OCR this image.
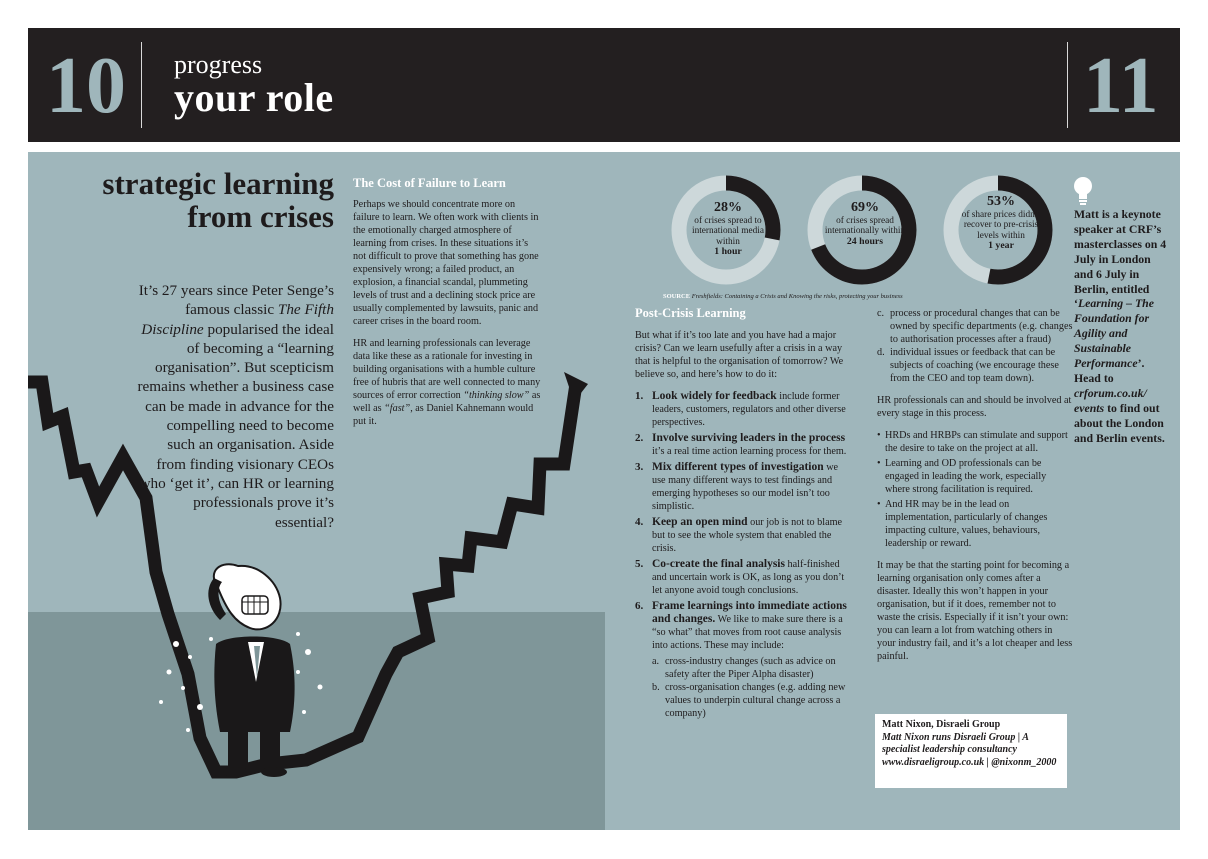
10 progress
your role	11
strategic learning from crises
It’s 27 years since Peter Senge’s famous classic The Fifth Discipline popularised the ideal of becoming a “learning organisation”. But scepticism remains whether a business case can be made in advance for the compelling need to become such an organisation. Aside from finding visionary CEOs who ‘get it’, can HR or learning professionals prove it’s essential?
The Cost of Failure to Learn

Perhaps we should concentrate more on failure to learn. We often work with clients in the emotionally charged atmosphere of learning from crises. In these situations it’s not difficult to prove that something has gone expensively wrong; a failed product, an explosion, a financial scandal, plummeting levels of trust and a declining stock price are usually complemented by lawsuits, panic and career crises in the board room.

HR and learning professionals can leverage data like these as a rationale for investing in building organisations with a humble culture free of hubris that are well connected to many sources of error correction “thinking slow” as well as “fast”, as Daniel Kahnemann would put it.

28%
of crises spread to international media within
1 hour
69%
of crises spread internationally within
24 hours
53%
of share prices didn’t recover to pre-crisis levels within
1 year
SOURCE Freshfields: Containing a Crisis and Knowing the risks, protecting your business
Post-Crisis Learning

But what if it’s too late and you have had a major crisis? Can we learn usefully after a crisis in a way that is helpful to the organisation of tomorrow? We believe so, and here’s how to do it:

1. Look widely for feedback include former leaders, customers, regulators and other diverse perspectives.
2. Involve surviving leaders in the process it’s a real time action learning process for them.
3. Mix different types of investigation we use many different ways to test findings and emerging hypotheses so our model isn’t too simplistic.
4. Keep an open mind our job is not to blame but to see the whole system that enabled the crisis.
5. Co-create the final analysis half-finished and uncertain work is OK, as long as you don’t let anyone avoid tough conclusions.
6. Frame learnings into immediate actions and changes. We like to make sure there is a “so what” that moves from root cause analysis into actions. These may include:
a. cross-industry changes (such as advice on safety after the Piper Alpha disaster)
b. cross-organisation changes (e.g. adding new values to underpin cultural change across a company)
c. process or procedural changes that can be owned by specific departments (e.g. changes to authorisation processes after a fraud)
d. individual issues or feedback that can be subjects of coaching (we encourage these from the CEO and top team down).

HR professionals can and should be involved at every stage in this process.

• HRDs and HRBPs can stimulate and support the desire to take on the project at all.
• Learning and OD professionals can be engaged in leading the work, especially where strong facilitation is required.
• And HR may be in the lead on implementation, particularly of changes impacting culture, values, behaviours, leadership or reward.

It may be that the starting point for becoming a learning organisation only comes after a disaster. Ideally this won’t happen in your organisation, but if it does, remember not to waste the crisis. Especially if it isn’t your own: you can learn a lot from watching others in your industry fail, and it’s a lot cheaper and less painful.

Matt Nixon, Disraeli Group
Matt Nixon runs Disraeli Group | A specialist leadership consultancy www.disraeligroup.co.uk | @nixonm_2000
Matt is a keynote speaker at CRF’s masterclasses on 4 July in London and 6 July in Berlin, entitled ‘Learning – The Foundation for Agility and Sustainable Performance’. Head to crforum.co.uk/ events to find out about the London and Berlin events.
